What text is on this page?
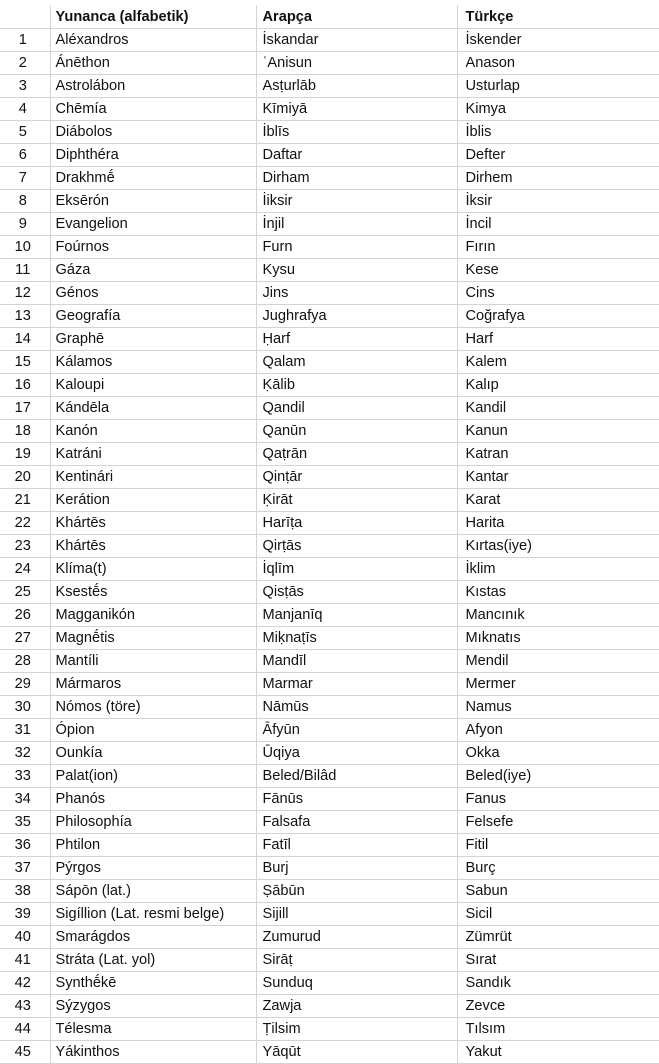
	Yunanca (alfabetik)	Arapça	Türkçe
1	Aléxandros	İskandar	İskender
2	Ánēthon	ʿAnisun	Anason
3	Astrolábon	Asṭurlāb	Usturlap
4	Chēmía	Kīmiyā	Kimya
5	Diábolos	İblīs	İblis
6	Diphthéra	Daftar	Defter
7	Drakhmḗ	Dirham	Dirhem
8	Eksērón	İiksir	İksir
9	Evangelion	İnjil	İncil
10	Foúrnos	Furn	Fırın
11	Gáza	Kysu	Kese
12	Génos	Jins	Cins
13	Geografía	Jughrafya	Coğrafya
14	Graphē	Ḥarf	Harf
15	Kálamos	Qalam	Kalem
16	Kaloupi	Ḳālib	Kalıp
17	Kándēla	Qandil	Kandil
18	Kanón	Qanūn	Kanun
19	Katráni	Qaṭrān	Katran
20	Kentinári	Qinṭār	Kantar
21	Kerátion	Ḳirāt	Karat
22	Khártēs	Harīṭa	Harita
23	Khártēs	Qirṭās	Kırtas(iye)
24	Klíma(t)	İqlīm	İklim
25	Ksestḗs	Qisṭās	Kıstas
26	Magganikón	Manjanīq	Mancınık
27	Magnḗtis	Miḳnaṭīs	Mıknatıs
28	Mantíli	Mandīl	Mendil
29	Mármaros	Marmar	Mermer
30	Nómos (töre)	Nāmūs	Namus
31	Ópion	Āfyūn	Afyon
32	Ounkía	Ūqiya	Okka
33	Palat(ion)	Beled/Bilâd	Beled(iye)
34	Phanós	Fānūs	Fanus
35	Philosophía	Falsafa	Felsefe
36	Phtilon	Fatīl	Fitil
37	Pýrgos	Burj	Burç
38	Sápōn (lat.)	Ṣābūn	Sabun
39	Sigíllion (Lat. resmi belge)	Sijill	Sicil
40	Smarágdos	Zumurud	Zümrüt
41	Stráta (Lat. yol)	Sirāṭ	Sırat
42	Synthḗkē	Sunduq	Sandık
43	Sýzygos	Zawja	Zevce
44	Télesma	Ṭilsim	Tılsım
45	Yákinthos	Yāqūt	Yakut
